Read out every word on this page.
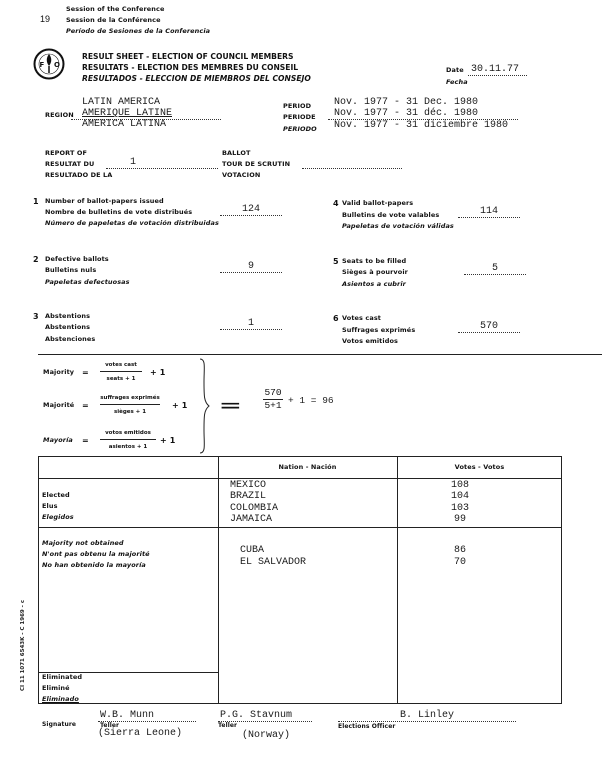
Session of the Conference
19 Session de la Conférence
Período de Sesiones de la Conferencia
F O
RESULT SHEET - ELECTION OF COUNCIL MEMBERS
RESULTATS - ELECTION DES MEMBRES DU CONSEIL
RESULTADOS - ELECCION DE MIEMBROS DEL CONSEJO
Date 30.11.77
Fecha
LATIN AMERICA
REGION AMERIQUE LATINE
AMERICA LATINA
PERIOD
PERIODE
PERIODO
Nov. 1977 - 31 Dec. 1980
Nov. 1977 - 31 déc. 1980
Nov. 1977 - 31 diciembre 1980
REPORT OF
RESULTAT DU
RESULTADO DE LA
1
BALLOT
TOUR DE SCRUTIN
VOTACION
1 Number of ballot-papers issued
Nombre de bulletins de vote distribués
Número de papeletas de votación distribuidas
124
2 Defective ballots
Bulletins nuls
Papeletas defectuosas
9
3 Abstentions
Abstentions
Abstenciones
1
4 Valid ballot-papers
Bulletins de vote valables
Papeletas de votación válidas
114
5 Seats to be filled
Sièges à pourvoir
Asientos a cubrir
5
6 Votes cast
Suffrages exprimés
Votos emitidos
570
Majority =
votes cast
seats + 1
+ 1
Majorité =
suffrages exprimés
sièges + 1
+ 1
Mayoría =
votos emitidos
asientos + 1
+ 1
= $\frac{570}{5+1} + 1 = 96$
Nation - Nación	Votes - Votos
Elected
Elus
Elegidos
MEXICO	108
BRAZIL	104
COLOMBIA	103
JAMAICA	99
Majority not obtained
N'ont pas obtenu la majorité
No han obtenido la mayoría
CUBA	86
EL SALVADOR	70
Eliminated
Eliminé
Eliminado
CI 11 1071 6543K - C 1969 - c
Signature
W.B. Munn
Teller
(Sierra Leone)
P.G. Stavnum
Teller
(Norway)
B. Linley
Elections Officer
